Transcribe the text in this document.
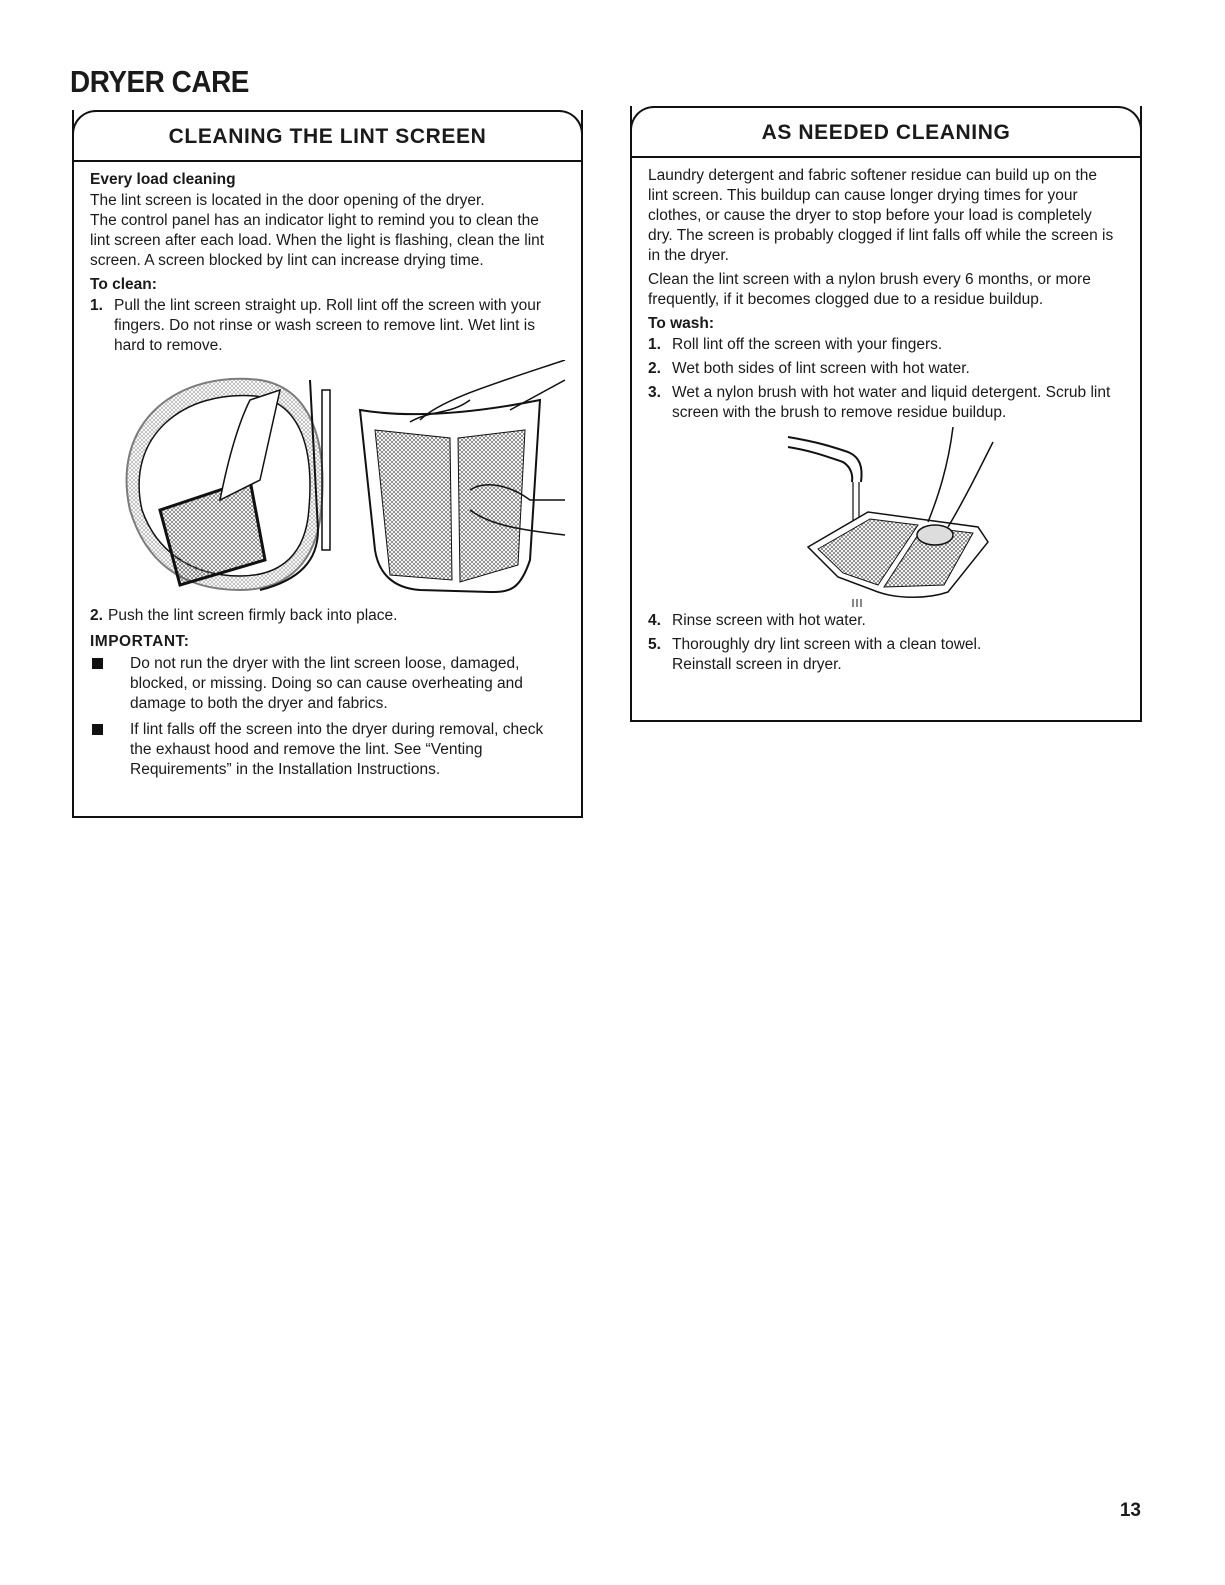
DRYER CARE
CLEANING THE LINT SCREEN
Every load cleaning

The lint screen is located in the door opening of the dryer.

The control panel has an indicator light to remind you to clean the lint screen after each load. When the light is flashing, clean the lint screen. A screen blocked by lint can increase drying time.

To clean:
1. Pull the lint screen straight up. Roll lint off the screen with your fingers. Do not rinse or wash screen to remove lint. Wet lint is hard to remove.
2. Push the lint screen firmly back into place.
IMPORTANT:
Do not run the dryer with the lint screen loose, damaged, blocked, or missing. Doing so can cause overheating and damage to both the dryer and fabrics.
If lint falls off the screen into the dryer during removal, check the exhaust hood and remove the lint. See “Venting Requirements” in the Installation Instructions.
AS NEEDED CLEANING

Laundry detergent and fabric softener residue can build up on the lint screen. This buildup can cause longer drying times for your clothes, or cause the dryer to stop before your load is completely dry. The screen is probably clogged if lint falls off while the screen is in the dryer.

Clean the lint screen with a nylon brush every 6 months, or more frequently, if it becomes clogged due to a residue buildup.

To wash:
1. Roll lint off the screen with your fingers.
2. Wet both sides of lint screen with hot water.
3. Wet a nylon brush with hot water and liquid detergent. Scrub lint screen with the brush to remove residue buildup.
4. Rinse screen with hot water.
5. Thoroughly dry lint screen with a clean towel. Reinstall screen in dryer.
13
